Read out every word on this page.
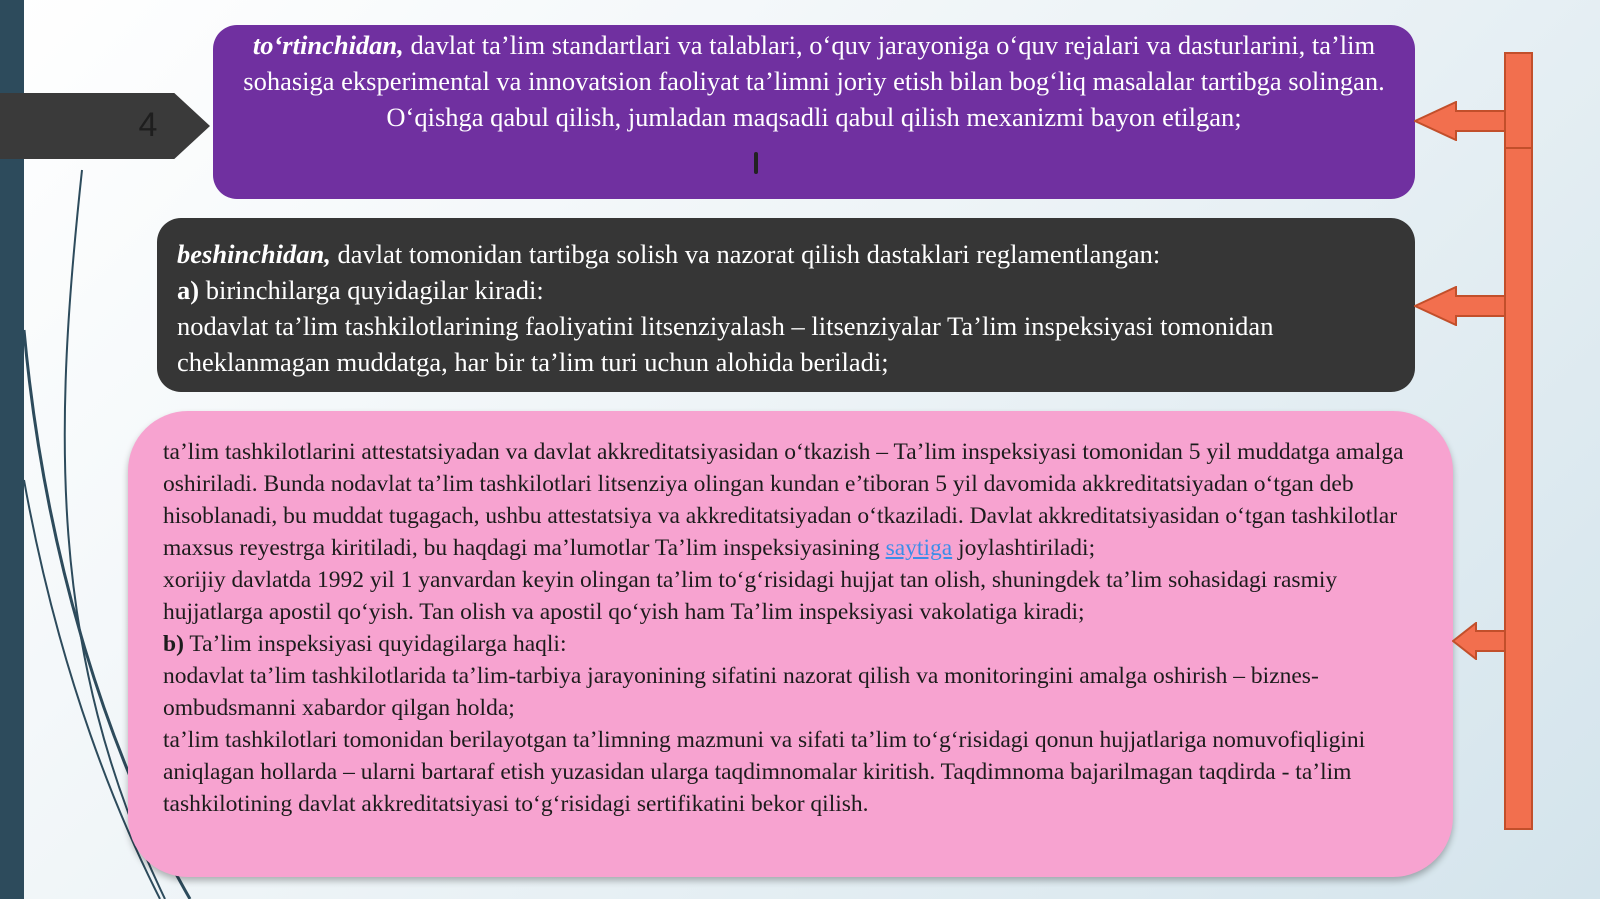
4

to‘rtinchidan, davlat ta’lim standartlari va talablari, o‘quv jarayoniga o‘quv rejalari va dasturlarini, ta’lim sohasiga eksperimental va innovatsion faoliyat ta’limni joriy etish bilan bog‘liq masalalar tartibga solingan. O‘qishga qabul qilish, jumladan maqsadli qabul qilish mexanizmi bayon etilgan;

beshinchidan, davlat tomonidan tartibga solish va nazorat qilish dastaklari reglamentlangan:

a) birinchilarga quyidagilar kiradi:

nodavlat ta’lim tashkilotlarining faoliyatini litsenziyalash – litsenziyalar Ta’lim inspeksiyasi tomonidan cheklanmagan muddatga, har bir ta’lim turi uchun alohida beriladi;

ta’lim tashkilotlarini attestatsiyadan va davlat akkreditatsiyasidan o‘tkazish – Ta’lim inspeksiyasi tomonidan 5 yil muddatga amalga oshiriladi. Bunda nodavlat ta’lim tashkilotlari litsenziya olingan kundan e’tiboran 5 yil davomida akkreditatsiyadan o‘tgan deb hisoblanadi, bu muddat tugagach, ushbu attestatsiya va akkreditatsiyadan o‘tkaziladi. Davlat akkreditatsiyasidan o‘tgan tashkilotlar maxsus reyestrga kiritiladi, bu haqdagi ma’lumotlar Ta’lim inspeksiyasining saytiga joylashtiriladi;

xorijiy davlatda 1992 yil 1 yanvardan keyin olingan ta’lim to‘g‘risidagi hujjat tan olish, shuningdek ta’lim sohasidagi rasmiy hujjatlarga apostil qo‘yish. Tan olish va apostil qo‘yish ham Ta’lim inspeksiyasi vakolatiga kiradi;

b) Ta’lim inspeksiyasi quyidagilarga haqli:

nodavlat ta’lim tashkilotlarida ta’lim-tarbiya jarayonining sifatini nazorat qilish va monitoringini amalga oshirish – biznes-ombudsmanni xabardor qilgan holda;

ta’lim tashkilotlari tomonidan berilayotgan ta’limning mazmuni va sifati ta’lim to‘g‘risidagi qonun hujjatlariga nomuvofiqligini aniqlagan hollarda – ularni bartaraf etish yuzasidan ularga taqdimnomalar kiritish. Taqdimnoma bajarilmagan taqdirda - ta’lim tashkilotining davlat akkreditatsiyasi to‘g‘risidagi sertifikatini bekor qilish.
